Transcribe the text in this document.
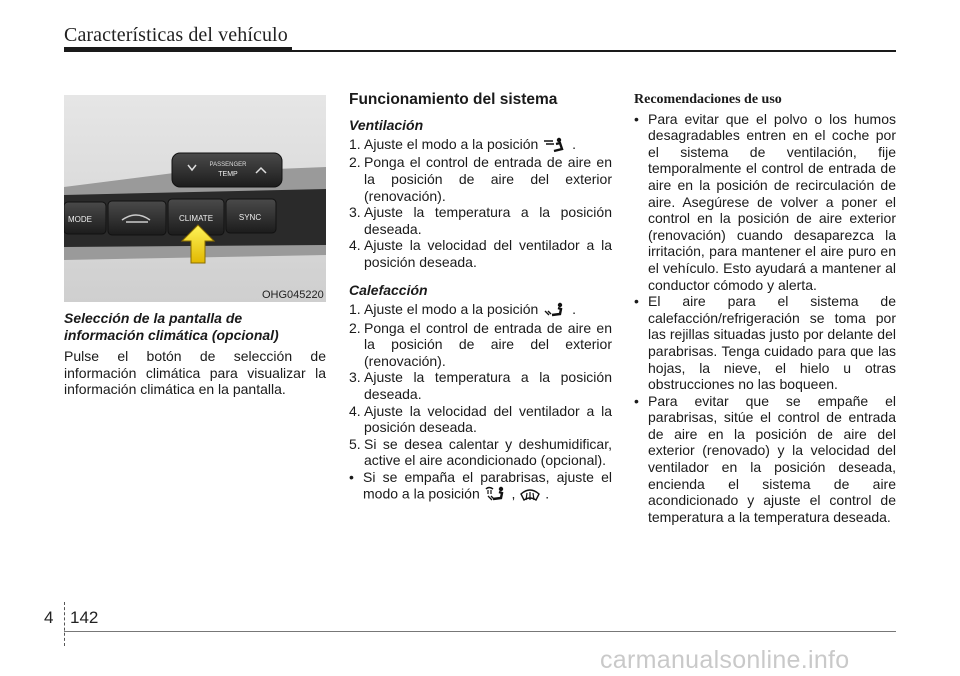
Características del vehículo
PASSENGER
TEMP
MODE	CLIMATE	SYNC
OHG045220

Selección de la pantalla de

información climática (opcional)

Pulse el botón de selección de

información climática para visualizar la

información climática en la pantalla.

Funcionamiento del sistema

Ventilación

1. Ajuste el modo a la posición  .
2. Ponga el control de entrada de aire en la posición de aire del exterior (renovación).
3. Ajuste la temperatura a la posición deseada.
4. Ajuste la velocidad del ventilador a la posición deseada.

Calefacción

1. Ajuste el modo a la posición  .
2. Ponga el control de entrada de aire en la posición de aire del exterior (renovación).
3. Ajuste la temperatura a la posición deseada.
4. Ajuste la velocidad del ventilador a la posición deseada.
5. Si se desea calentar y deshumidificar, active el aire acondicionado (opcional).
• Si se empaña el parabrisas, ajuste el modo a la posición  ,  .

Recomendaciones de uso

• Para evitar que el polvo o los humos desagradables entren en el coche por el sistema de ventilación, fije temporalmente el control de entrada de aire en la posición de recirculación de aire. Asegúrese de volver a poner el control en la posición de aire exterior (renovación) cuando desaparezca la irritación, para mantener el aire puro en el vehículo. Esto ayudará a mantener al conductor cómodo y alerta.
• El aire para el sistema de calefacción/refrigeración se toma por las rejillas situadas justo por delante del parabrisas. Tenga cuidado para que las hojas, la nieve, el hielo u otras obstrucciones no las boqueen.
• Para evitar que se empañe el parabrisas, sitúe el control de entrada de aire en la posición de aire del exterior (renovado) y la velocidad del ventilador en la posición deseada, encienda el sistema de aire acondicionado y ajuste el control de temperatura a la temperatura deseada.
4 142
carmanualsonline.info
